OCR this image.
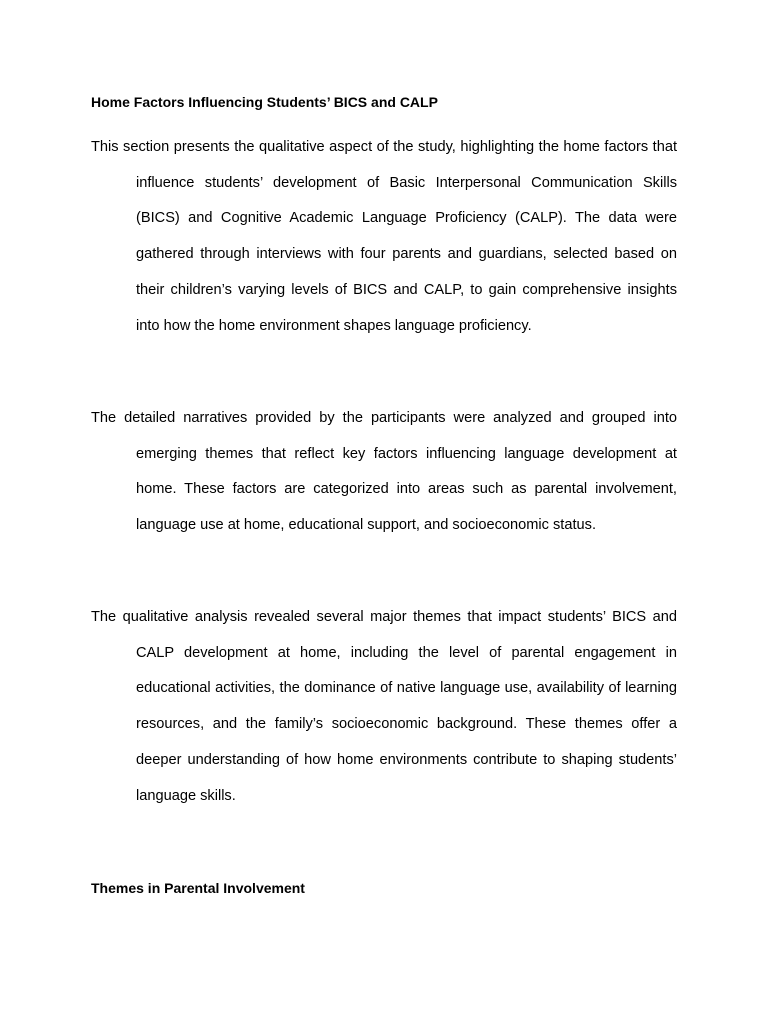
Home Factors Influencing Students’ BICS and CALP

This section presents the qualitative aspect of the study, highlighting the home factors that influence students’ development of Basic Interpersonal Communication Skills (BICS) and Cognitive Academic Language Proficiency (CALP). The data were gathered through interviews with four parents and guardians, selected based on their children’s varying levels of BICS and CALP, to gain comprehensive insights into how the home environment shapes language proficiency.

The detailed narratives provided by the participants were analyzed and grouped into emerging themes that reflect key factors influencing language development at home. These factors are categorized into areas such as parental involvement, language use at home, educational support, and socioeconomic status.

The qualitative analysis revealed several major themes that impact students’ BICS and CALP development at home, including the level of parental engagement in educational activities, the dominance of native language use, availability of learning resources, and the family’s socioeconomic background. These themes offer a deeper understanding of how home environments contribute to shaping students’ language skills.

Themes in Parental Involvement
